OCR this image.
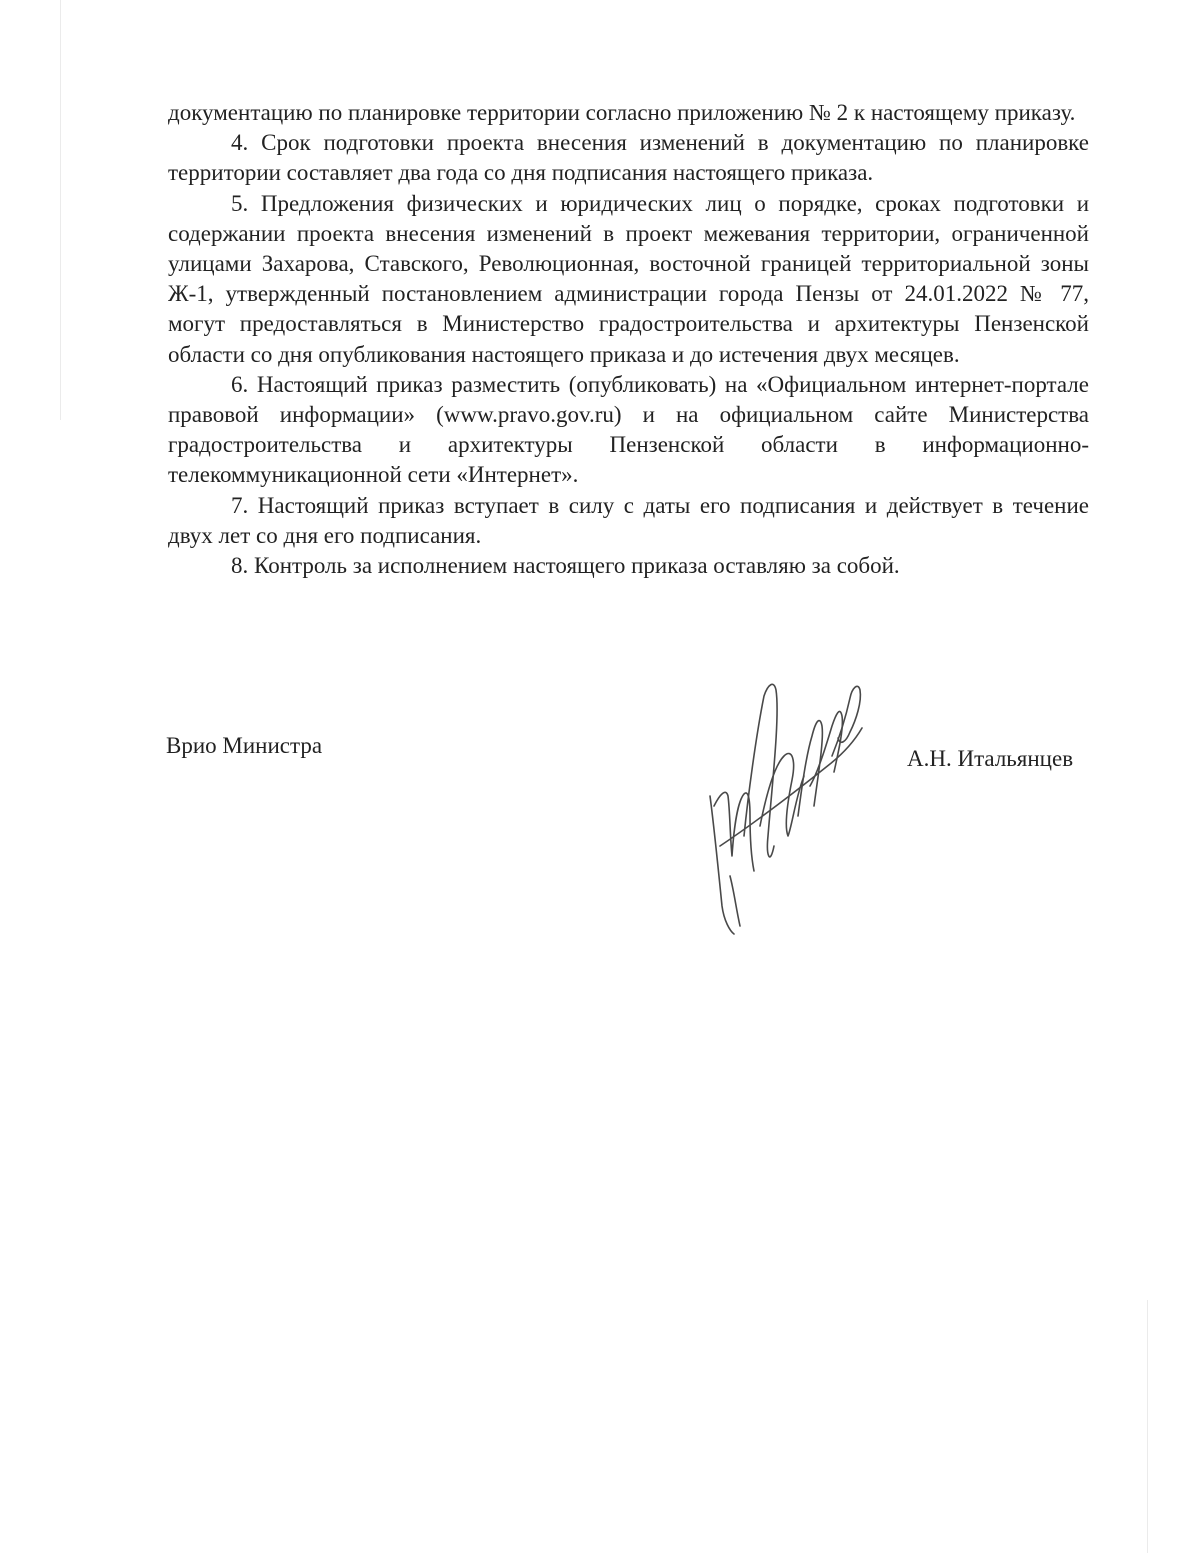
документацию по планировке территории согласно приложению № 2 к настоящему приказу.

4. Срок подготовки проекта внесения изменений в документацию по планировке территории составляет два года со дня подписания настоящего приказа.

5. Предложения физических и юридических лиц о порядке, сроках подготовки и содержании проекта внесения изменений в проект межевания территории, ограниченной улицами Захарова, Ставского, Революционная, восточной границей территориальной зоны Ж-1, утвержденный постановлением администрации города Пензы от 24.01.2022 № 77, могут предоставляться в Министерство градостроительства и архитектуры Пензенской области со дня опубликования настоящего приказа и до истечения двух месяцев.

6. Настоящий приказ разместить (опубликовать) на «Официальном интернет-портале правовой информации» (www.pravo.gov.ru) и на официальном сайте Министерства градостроительства и архитектуры Пензенской области в информационно-телекоммуникационной сети «Интернет».

7. Настоящий приказ вступает в силу с даты его подписания и действует в течение двух лет со дня его подписания.

8. Контроль за исполнением настоящего приказа оставляю за собой.

Врио Министра
А.Н. Итальянцев
